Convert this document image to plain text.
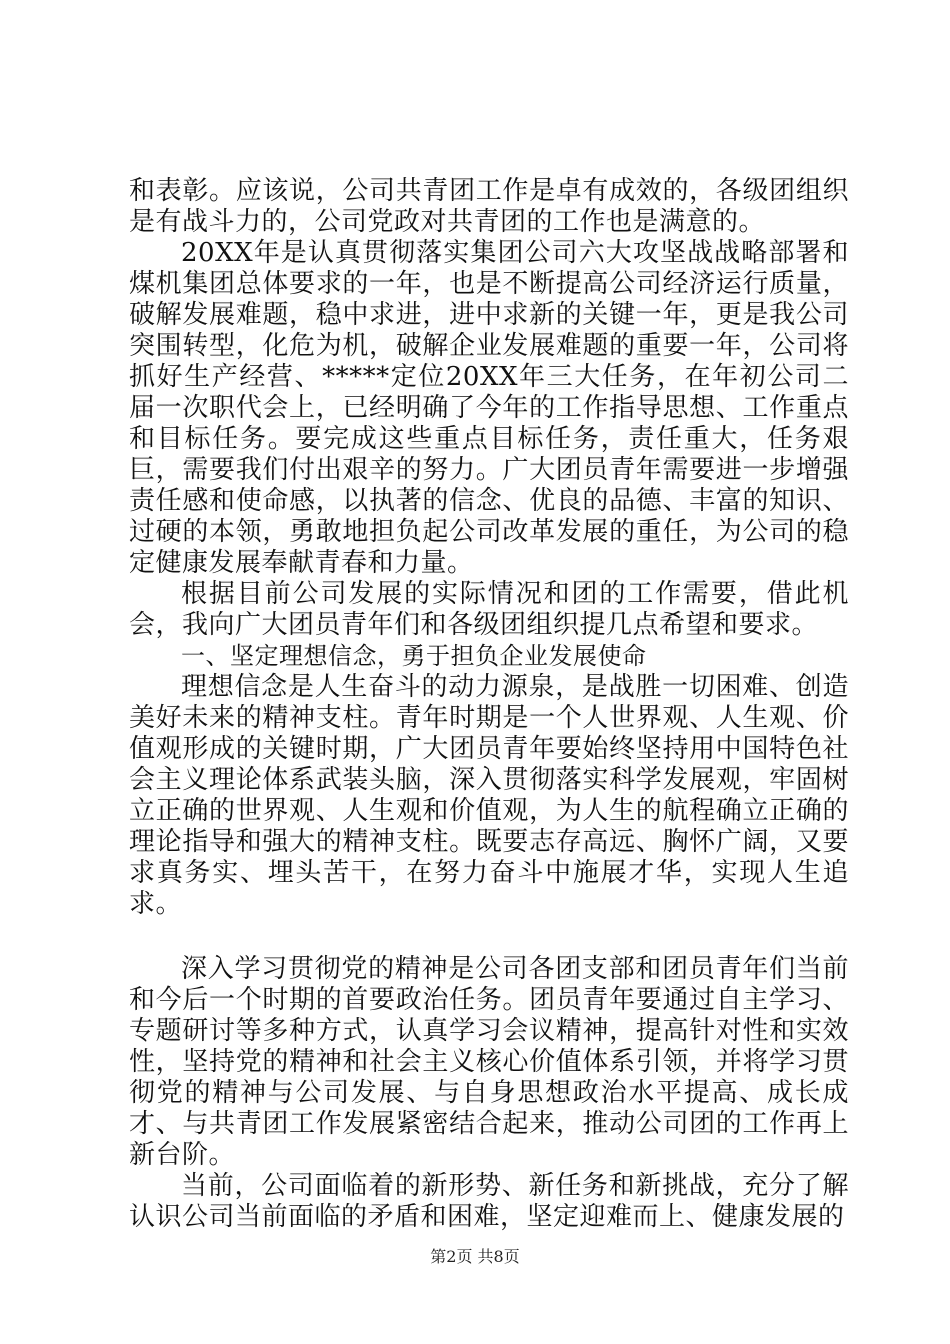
和表彰。应该说，公司共青团工作是卓有成效的，各级团组织是有战斗力的，公司党政对共青团的工作也是满意的。

20XX年是认真贯彻落实集团公司六大攻坚战战略部署和煤机集团总体要求的一年，也是不断提高公司经济运行质量，破解发展难题，稳中求进，进中求新的关键一年，更是我公司突围转型，化危为机，破解企业发展难题的重要一年，公司将抓好生产经营、*****定位20XX年三大任务，在年初公司二届一次职代会上，已经明确了今年的工作指导思想、工作重点和目标任务。要完成这些重点目标任务，责任重大，任务艰巨，需要我们付出艰辛的努力。广大团员青年需要进一步增强责任感和使命感，以执著的信念、优良的品德、丰富的知识、过硬的本领，勇敢地担负起公司改革发展的重任，为公司的稳定健康发展奉献青春和力量。

根据目前公司发展的实际情况和团的工作需要，借此机会，我向广大团员青年们和各级团组织提几点希望和要求。

一、坚定理想信念，勇于担负企业发展使命

理想信念是人生奋斗的动力源泉，是战胜一切困难、创造美好未来的精神支柱。青年时期是一个人世界观、人生观、价值观形成的关键时期，广大团员青年要始终坚持用中国特色社会主义理论体系武装头脑，深入贯彻落实科学发展观，牢固树立正确的世界观、人生观和价值观，为人生的航程确立正确的理论指导和强大的精神支柱。既要志存高远、胸怀广阔，又要求真务实、埋头苦干，在努力奋斗中施展才华，实现人生追求。

深入学习贯彻党的精神是公司各团支部和团员青年们当前和今后一个时期的首要政治任务。团员青年要通过自主学习、专题研讨等多种方式，认真学习会议精神，提高针对性和实效性，坚持党的精神和社会主义核心价值体系引领，并将学习贯彻党的精神与公司发展、与自身思想政治水平提高、成长成才、与共青团工作发展紧密结合起来，推动公司团的工作再上新台阶。

当前，公司面临着的新形势、新任务和新挑战，充分了解认识公司当前面临的矛盾和困难，坚定迎难而上、健康发展的

第2页 共8页
